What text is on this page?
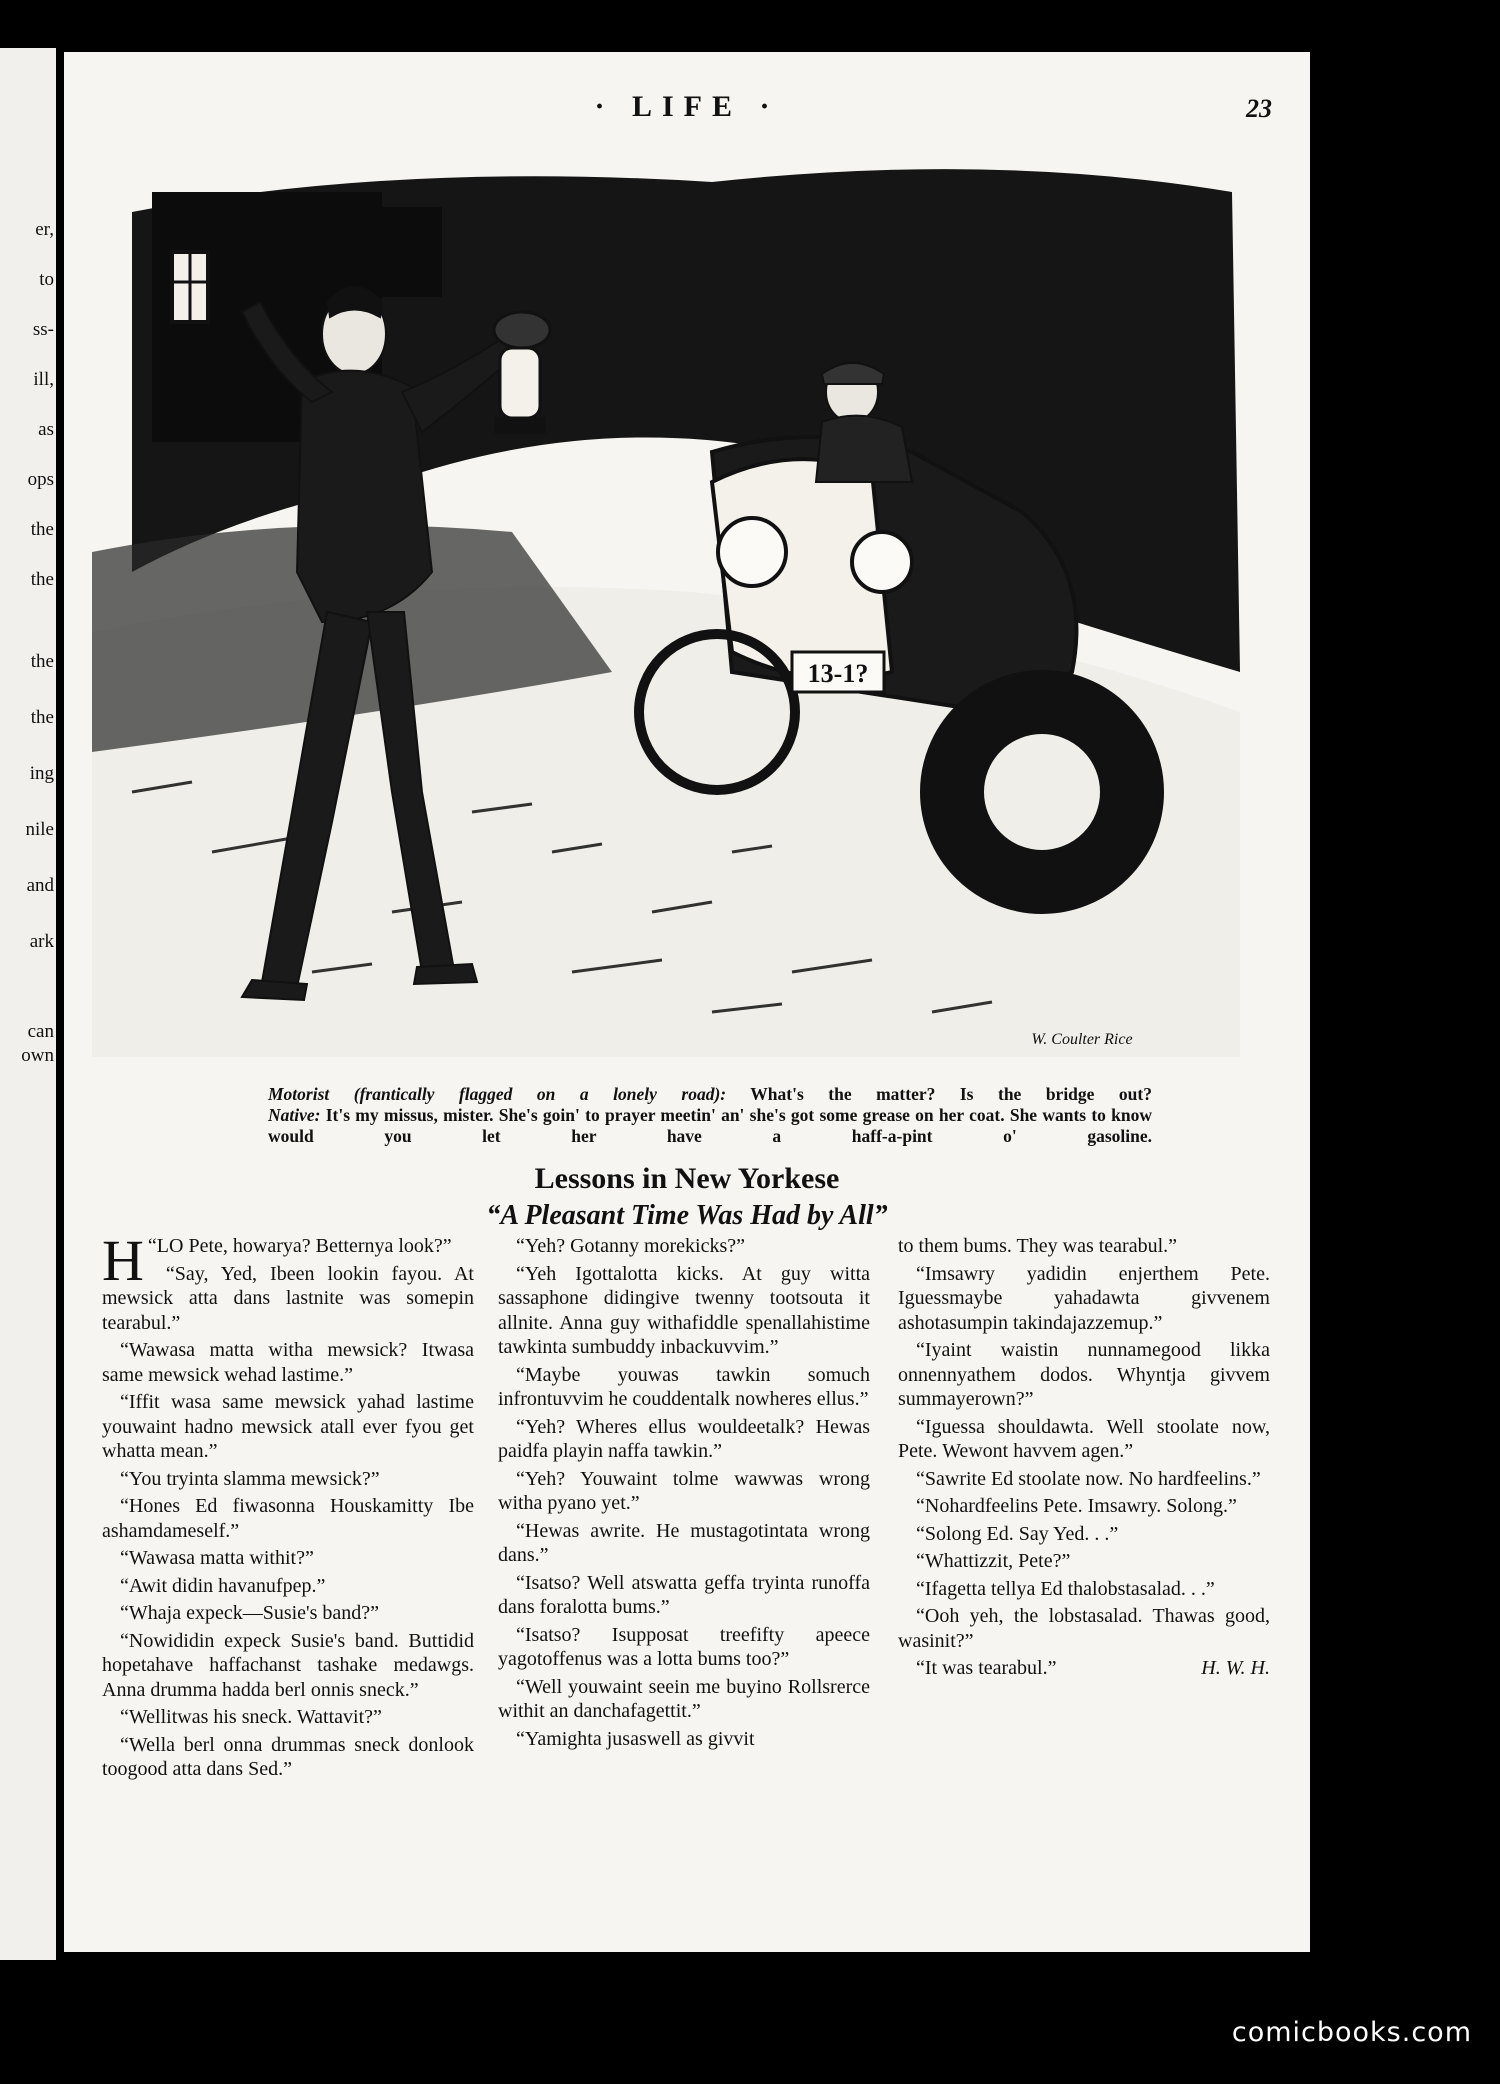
er,
to
ss-
ill,
as
ops
the
the
the
the
ing
nile
and
ark
can
own
· LIFE ·	23
13-1?
W. Coulter Rice

Motorist (frantically flagged on a lonely road): What's the matter? Is the bridge out?

Native: It's my missus, mister. She's goin' to prayer meetin' an' she's got some grease on her coat. She wants to know would you let her have a haff-a-pint o' gasoline.

Lessons in New Yorkese
“A Pleasant Time Was Had by All”

“
H LO Pete, howarya? Betternya look?”

“Say, Yed, Ibeen lookin fayou. At mewsick atta dans lastnite was somepin tearabul.”

“Wawasa matta witha mewsick? Itwasa same mewsick wehad lastime.”

“Iffit wasa same mewsick yahad lastime youwaint hadno mewsick atall ever fyou get whatta mean.”

“You tryinta slamma mewsick?”

“Hones Ed fiwasonna Houskamitty Ibe ashamdameself.”

“Wawasa matta withit?”

“Awit didin havanufpep.”

“Whaja expeck—Susie's band?”

“Nowididin expeck Susie's band. Buttidid hopetahave haffachanst tashake medawgs. Anna drumma hadda berl onnis sneck.”

“Wellitwas his sneck. Wattavit?”

“Wella berl onna drummas sneck donlook toogood atta dans Sed.”

“Yeh? Gotanny morekicks?”

“Yeh Igottalotta kicks. At guy witta sassaphone didingive twenny tootsouta it allnite. Anna guy withafiddle spenallahistime tawkinta sumbuddy inbackuvvim.”

“Maybe youwas tawkin somuch infrontuvvim he couddentalk nowheres ellus.”

“Yeh? Wheres ellus wouldeetalk? Hewas paidfa playin naffa tawkin.”

“Yeh? Youwaint tolme wawwas wrong witha pyano yet.”

“Hewas awrite. He mustagotintata wrong dans.”

“Isatso? Well atswatta geffa tryinta runoffa dans foralotta bums.”

“Isatso? Isupposat treefifty apeece yagotoffenus was a lotta bums too?”

“Well youwaint seein me buyino Rollsrerce withit an danchafagettit.”

“Yamighta jusaswell as givvit

to them bums. They was tearabul.”

“Imsawry yadidin enjerthem Pete. Iguessmaybe yahadawta givvenem ashotasumpin takindajazzemup.”

“Iyaint waistin nunnamegood likka onnennyathem dodos. Whyntja givvem summayerown?”

“Iguessa shouldawta. Well stoolate now, Pete. Wewont havvem agen.”

“Sawrite Ed stoolate now. No hardfeelins.”

“Nohardfeelins Pete. Imsawry. Solong.”

“Solong Ed. Say Yed. . .”

“Whattizzit, Pete?”

“Ifagetta tellya Ed thalobstasalad. . .”

“Ooh yeh, the lobstasalad. Thawas good, wasinit?”

“It was tearabul.”	H. W. H.

comicbooks.com
